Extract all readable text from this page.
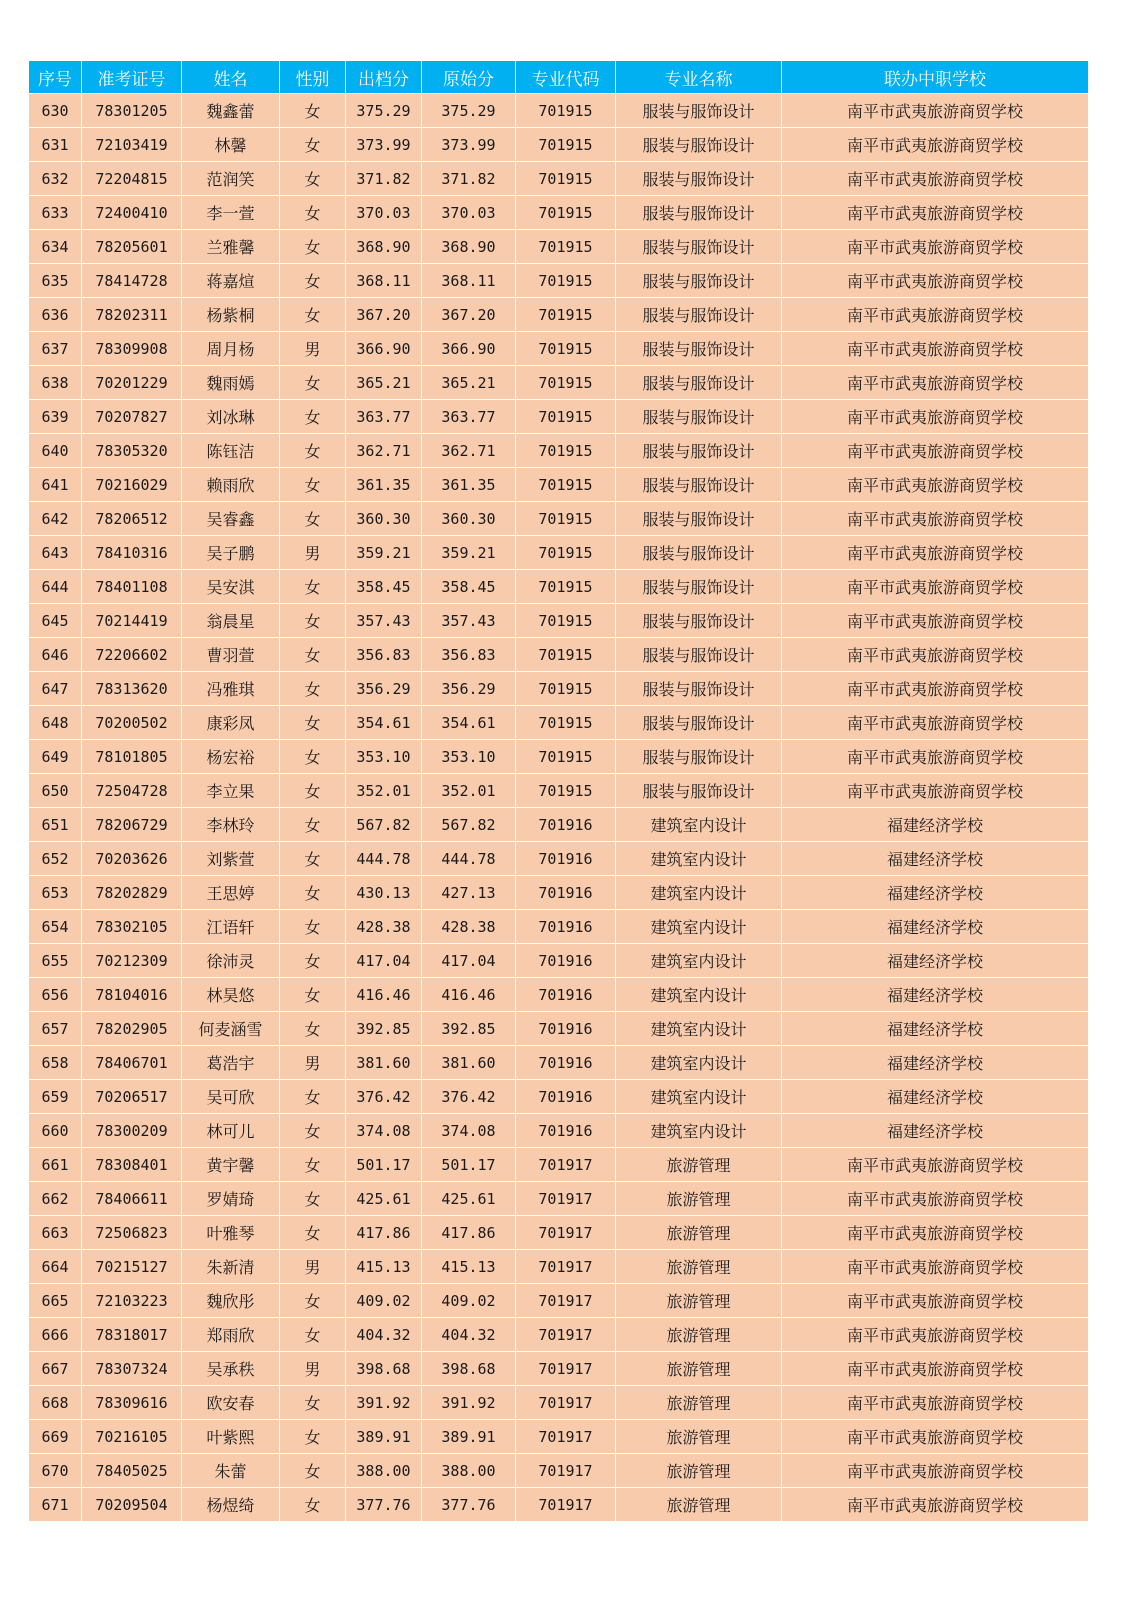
序号	准考证号	姓名	性别	出档分	原始分	专业代码	专业名称	联办中职学校
630	78301205	魏鑫蕾	女	375.29	375.29	701915	服装与服饰设计	南平市武夷旅游商贸学校
631	72103419	林馨	女	373.99	373.99	701915	服装与服饰设计	南平市武夷旅游商贸学校
632	72204815	范润笑	女	371.82	371.82	701915	服装与服饰设计	南平市武夷旅游商贸学校
633	72400410	李一萱	女	370.03	370.03	701915	服装与服饰设计	南平市武夷旅游商贸学校
634	78205601	兰雅馨	女	368.90	368.90	701915	服装与服饰设计	南平市武夷旅游商贸学校
635	78414728	蒋嘉煊	女	368.11	368.11	701915	服装与服饰设计	南平市武夷旅游商贸学校
636	78202311	杨紫桐	女	367.20	367.20	701915	服装与服饰设计	南平市武夷旅游商贸学校
637	78309908	周月杨	男	366.90	366.90	701915	服装与服饰设计	南平市武夷旅游商贸学校
638	70201229	魏雨嫣	女	365.21	365.21	701915	服装与服饰设计	南平市武夷旅游商贸学校
639	70207827	刘冰琳	女	363.77	363.77	701915	服装与服饰设计	南平市武夷旅游商贸学校
640	78305320	陈钰洁	女	362.71	362.71	701915	服装与服饰设计	南平市武夷旅游商贸学校
641	70216029	赖雨欣	女	361.35	361.35	701915	服装与服饰设计	南平市武夷旅游商贸学校
642	78206512	吴睿鑫	女	360.30	360.30	701915	服装与服饰设计	南平市武夷旅游商贸学校
643	78410316	吴子鹏	男	359.21	359.21	701915	服装与服饰设计	南平市武夷旅游商贸学校
644	78401108	吴安淇	女	358.45	358.45	701915	服装与服饰设计	南平市武夷旅游商贸学校
645	70214419	翁晨星	女	357.43	357.43	701915	服装与服饰设计	南平市武夷旅游商贸学校
646	72206602	曹羽萱	女	356.83	356.83	701915	服装与服饰设计	南平市武夷旅游商贸学校
647	78313620	冯雅琪	女	356.29	356.29	701915	服装与服饰设计	南平市武夷旅游商贸学校
648	70200502	康彩凤	女	354.61	354.61	701915	服装与服饰设计	南平市武夷旅游商贸学校
649	78101805	杨宏裕	女	353.10	353.10	701915	服装与服饰设计	南平市武夷旅游商贸学校
650	72504728	李立果	女	352.01	352.01	701915	服装与服饰设计	南平市武夷旅游商贸学校
651	78206729	李林玲	女	567.82	567.82	701916	建筑室内设计	福建经济学校
652	70203626	刘紫萱	女	444.78	444.78	701916	建筑室内设计	福建经济学校
653	78202829	王思婷	女	430.13	427.13	701916	建筑室内设计	福建经济学校
654	78302105	江语轩	女	428.38	428.38	701916	建筑室内设计	福建经济学校
655	70212309	徐沛灵	女	417.04	417.04	701916	建筑室内设计	福建经济学校
656	78104016	林昊悠	女	416.46	416.46	701916	建筑室内设计	福建经济学校
657	78202905	何麦涵雪	女	392.85	392.85	701916	建筑室内设计	福建经济学校
658	78406701	葛浩宇	男	381.60	381.60	701916	建筑室内设计	福建经济学校
659	70206517	吴可欣	女	376.42	376.42	701916	建筑室内设计	福建经济学校
660	78300209	林可儿	女	374.08	374.08	701916	建筑室内设计	福建经济学校
661	78308401	黄宇馨	女	501.17	501.17	701917	旅游管理	南平市武夷旅游商贸学校
662	78406611	罗婧琦	女	425.61	425.61	701917	旅游管理	南平市武夷旅游商贸学校
663	72506823	叶雅琴	女	417.86	417.86	701917	旅游管理	南平市武夷旅游商贸学校
664	70215127	朱新清	男	415.13	415.13	701917	旅游管理	南平市武夷旅游商贸学校
665	72103223	魏欣彤	女	409.02	409.02	701917	旅游管理	南平市武夷旅游商贸学校
666	78318017	郑雨欣	女	404.32	404.32	701917	旅游管理	南平市武夷旅游商贸学校
667	78307324	吴承秩	男	398.68	398.68	701917	旅游管理	南平市武夷旅游商贸学校
668	78309616	欧安春	女	391.92	391.92	701917	旅游管理	南平市武夷旅游商贸学校
669	70216105	叶紫熙	女	389.91	389.91	701917	旅游管理	南平市武夷旅游商贸学校
670	78405025	朱蕾	女	388.00	388.00	701917	旅游管理	南平市武夷旅游商贸学校
671	70209504	杨煜绮	女	377.76	377.76	701917	旅游管理	南平市武夷旅游商贸学校
